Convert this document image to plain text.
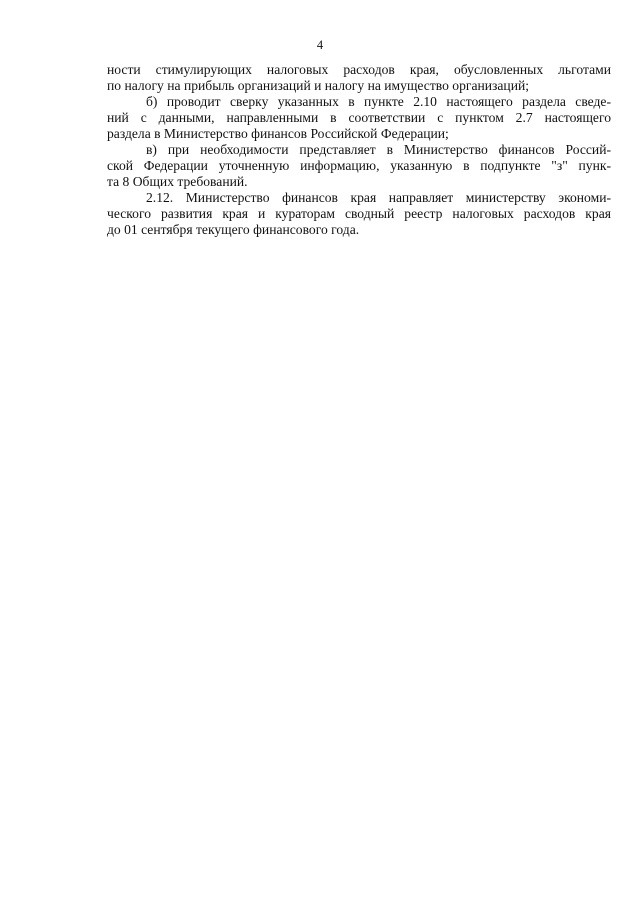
4
ности стимулирующих налоговых расходов края, обусловленных льготами
по налогу на прибыль организаций и налогу на имущество организаций;
б) проводит сверку указанных в пункте 2.10 настоящего раздела сведе-
ний с данными, направленными в соответствии с пунктом 2.7 настоящего
раздела в Министерство финансов Российской Федерации;
в) при необходимости представляет в Министерство финансов Россий-
ской Федерации уточненную информацию, указанную в подпункте "з" пунк-
та 8 Общих требований.
2.12. Министерство финансов края направляет министерству экономи-
ческого развития края и кураторам сводный реестр налоговых расходов края
до 01 сентября текущего финансового года.
